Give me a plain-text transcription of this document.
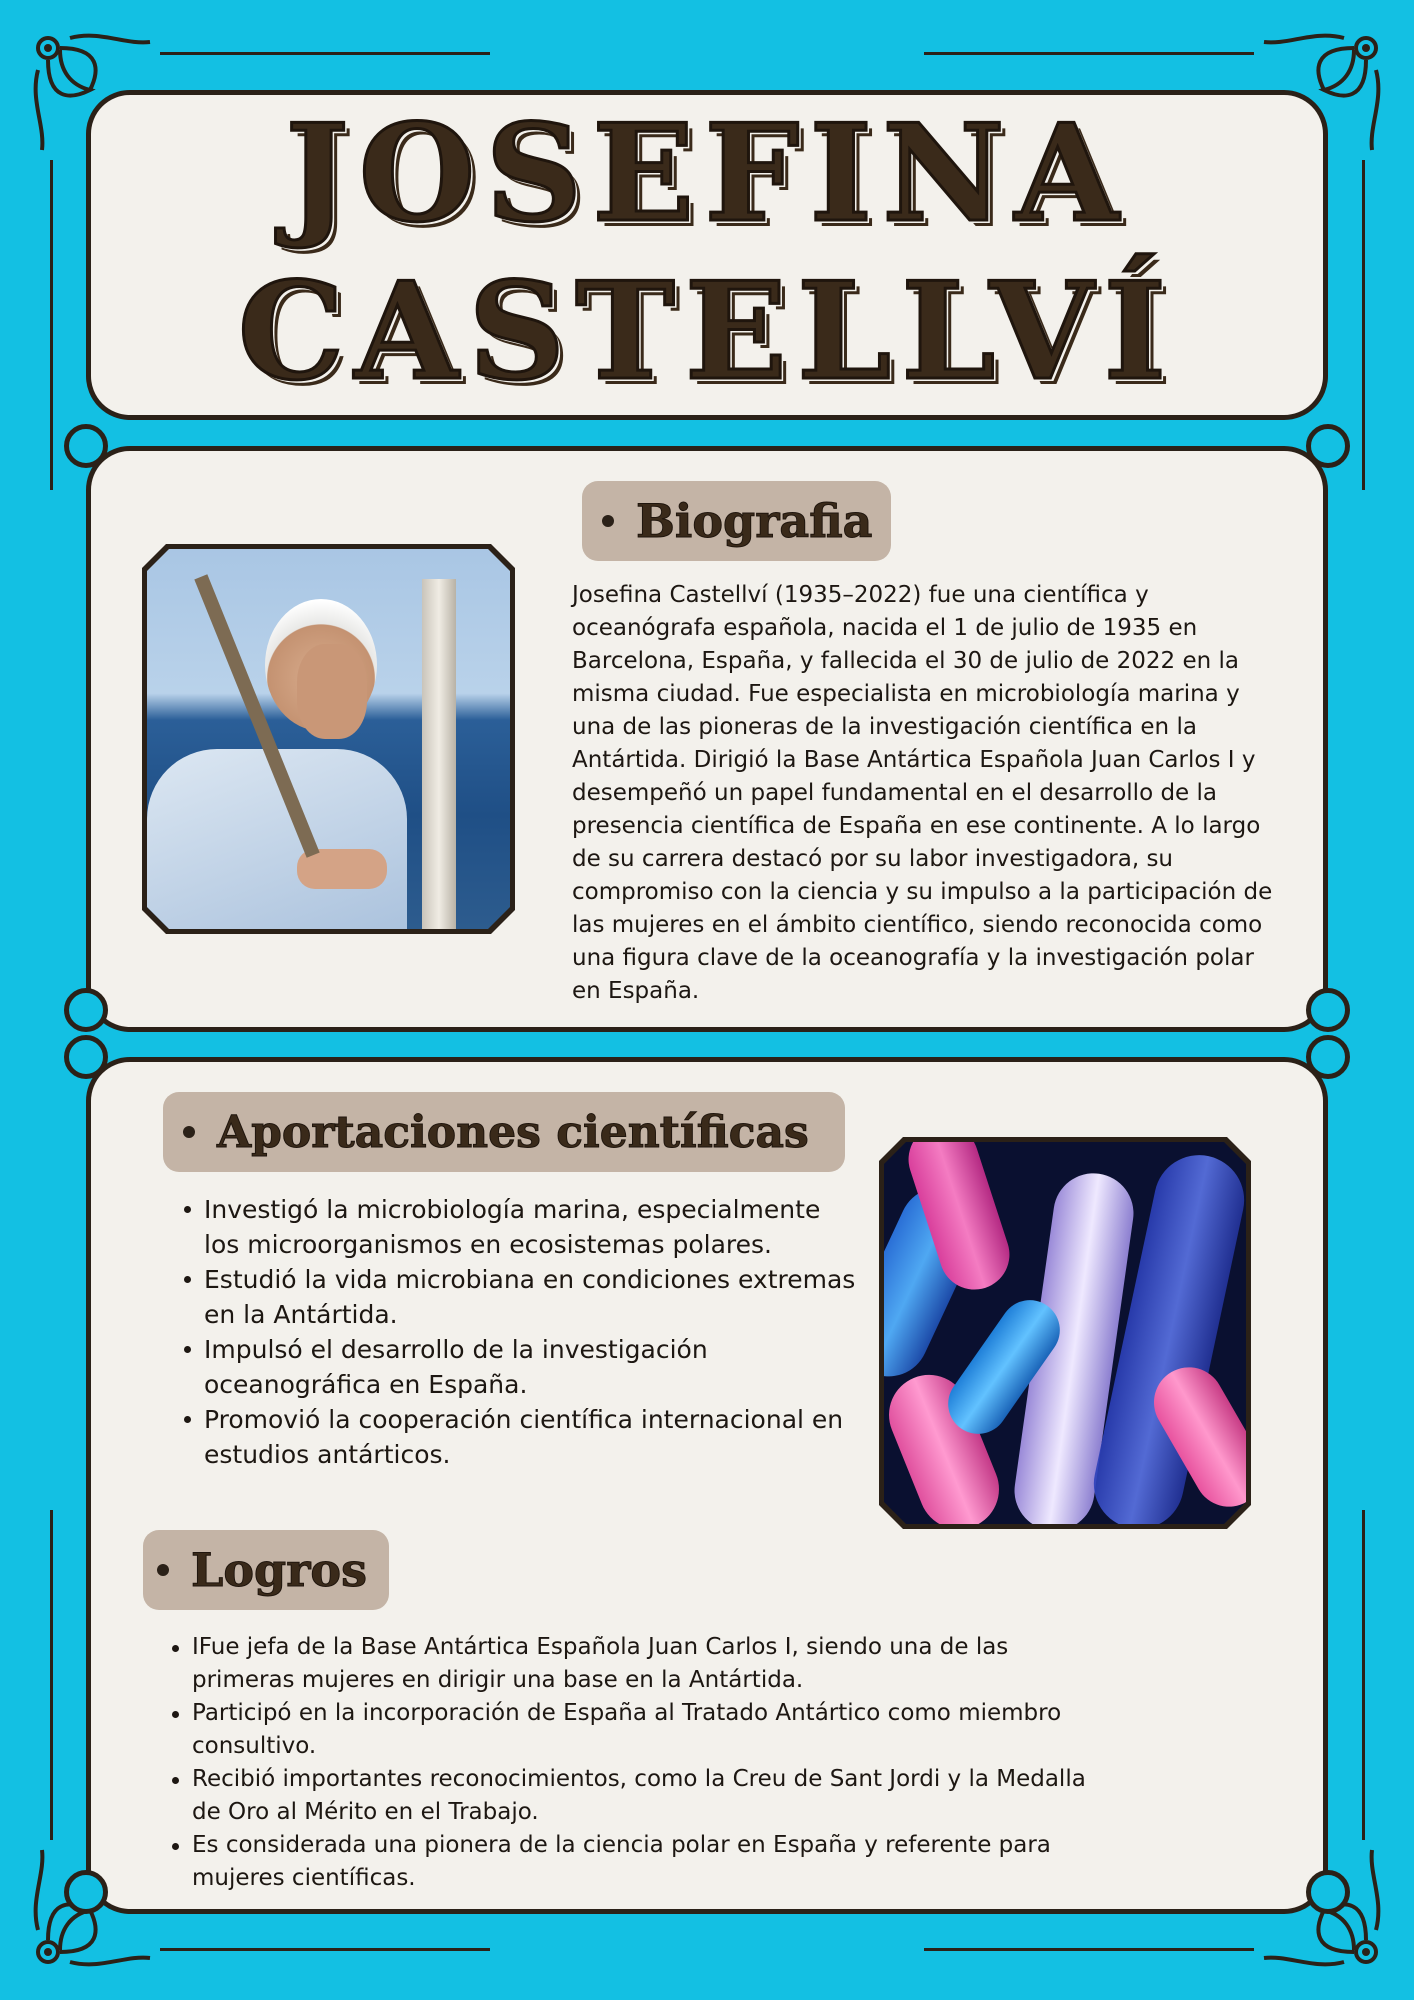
JOSEFINA
CASTELLVÍ
Biografia
Josefina Castellví (1935–2022) fue una científica y oceanógrafa española, nacida el 1 de julio de 1935 en Barcelona, España, y fallecida el 30 de julio de 2022 en la misma ciudad. Fue especialista en microbiología marina y una de las pioneras de la investigación científica en la Antártida. Dirigió la Base Antártica Española Juan Carlos I y desempeñó un papel fundamental en el desarrollo de la presencia científica de España en ese continente. A lo largo de su carrera destacó por su labor investigadora, su compromiso con la ciencia y su impulso a la participación de las mujeres en el ámbito científico, siendo reconocida como una figura clave de la oceanografía y la investigación polar en España.
Aportaciones científicas
Investigó la microbiología marina, especialmente los microorganismos en ecosistemas polares.
Estudió la vida microbiana en condiciones extremas en la Antártida.
Impulsó el desarrollo de la investigación oceanográfica en España.
Promovió la cooperación científica internacional en estudios antárticos.
Logros
IFue jefa de la Base Antártica Española Juan Carlos I, siendo una de las primeras mujeres en dirigir una base en la Antártida.
Participó en la incorporación de España al Tratado Antártico como miembro consultivo.
Recibió importantes reconocimientos, como la Creu de Sant Jordi y la Medalla de Oro al Mérito en el Trabajo.
Es considerada una pionera de la ciencia polar en España y referente para mujeres científicas.
